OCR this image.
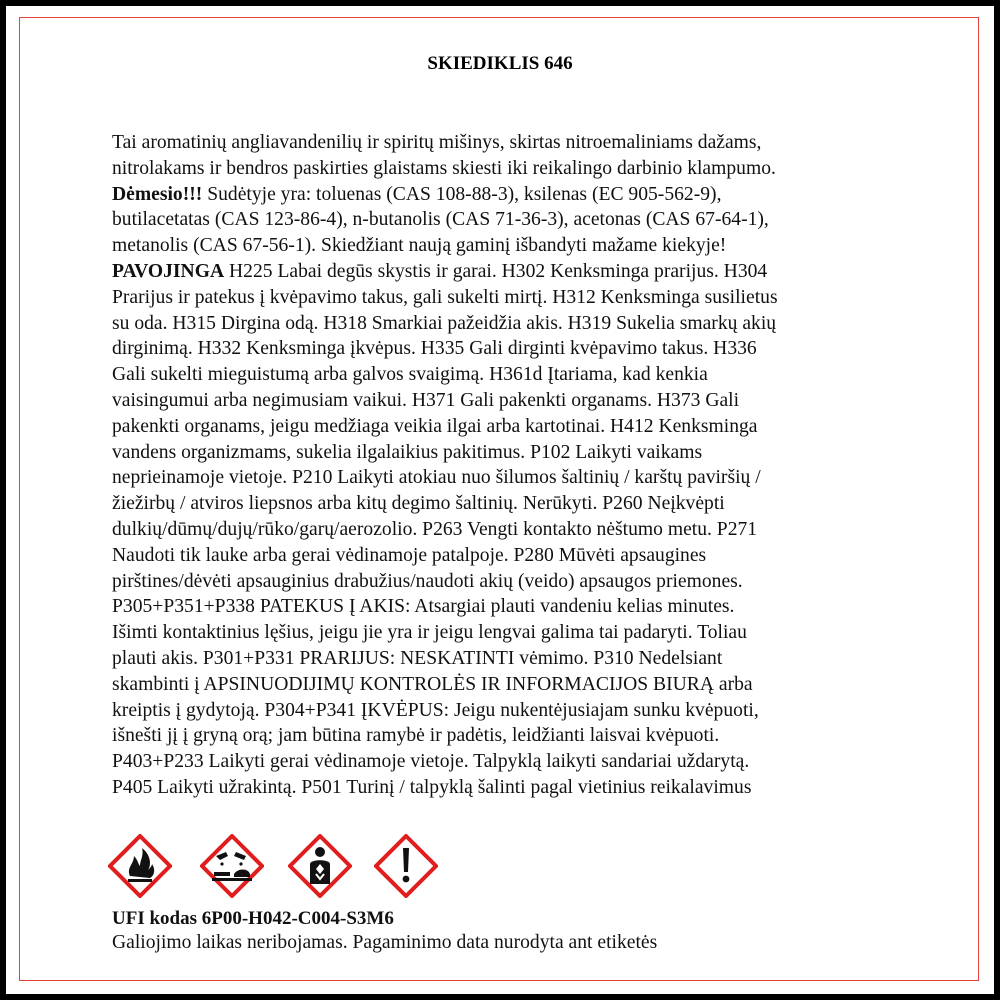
SKIEDIKLIS 646

Tai aromatinių angliavandenilių ir spiritų mišinys, skirtas nitroemaliniams dažams,
nitrolakams ir bendros paskirties glaistams skiesti iki reikalingo darbinio klampumo.
Dėmesio!!! Sudėtyje yra: toluenas (CAS 108-88-3), ksilenas (EC 905-562-9),
butilacetatas (CAS 123-86-4), n-butanolis (CAS 71-36-3), acetonas (CAS 67-64-1),
metanolis (CAS 67-56-1). Skiedžiant naują gaminį išbandyti mažame kiekyje!
PAVOJINGA H225 Labai degūs skystis ir garai. H302 Kenksminga prarijus. H304
Prarijus ir patekus į kvėpavimo takus, gali sukelti mirtį. H312 Kenksminga susilietus
su oda. H315 Dirgina odą. H318 Smarkiai pažeidžia akis. H319 Sukelia smarkų akių
dirginimą. H332 Kenksminga įkvėpus. H335 Gali dirginti kvėpavimo takus. H336
Gali sukelti mieguistumą arba galvos svaigimą. H361d Įtariama, kad kenkia
vaisingumui arba negimusiam vaikui. H371 Gali pakenkti organams. H373 Gali
pakenkti organams, jeigu medžiaga veikia ilgai arba kartotinai. H412 Kenksminga
vandens organizmams, sukelia ilgalaikius pakitimus. P102 Laikyti vaikams
neprieinamoje vietoje. P210 Laikyti atokiau nuo šilumos šaltinių / karštų paviršių /
žiežirbų / atviros liepsnos arba kitų degimo šaltinių. Nerūkyti. P260 Neįkvėpti
dulkių/dūmų/dujų/rūko/garų/aerozolio. P263 Vengti kontakto nėštumo metu. P271
Naudoti tik lauke arba gerai vėdinamoje patalpoje. P280 Mūvėti apsaugines
pirštines/dėvėti apsauginius drabužius/naudoti akių (veido) apsaugos priemones.
P305+P351+P338 PATEKUS Į AKIS: Atsargiai plauti vandeniu kelias minutes.
Išimti kontaktinius lęšius, jeigu jie yra ir jeigu lengvai galima tai padaryti. Toliau
plauti akis. P301+P331 PRARIJUS: NESKATINTI vėmimo. P310 Nedelsiant
skambinti į APSINUODIJIMŲ KONTROLĖS IR INFORMACIJOS BIURĄ arba
kreiptis į gydytoją. P304+P341 ĮKVĖPUS: Jeigu nukentėjusiajam sunku kvėpuoti,
išnešti jį į gryną orą; jam būtina ramybė ir padėtis, leidžianti laisvai kvėpuoti.
P403+P233 Laikyti gerai vėdinamoje vietoje. Talpyklą laikyti sandariai uždarytą.
P405 Laikyti užrakintą. P501 Turinį / talpyklą šalinti pagal vietinius reikalavimus

UFI kodas 6P00-H042-C004-S3M6

Galiojimo laikas neribojamas. Pagaminimo data nurodyta ant etiketės
